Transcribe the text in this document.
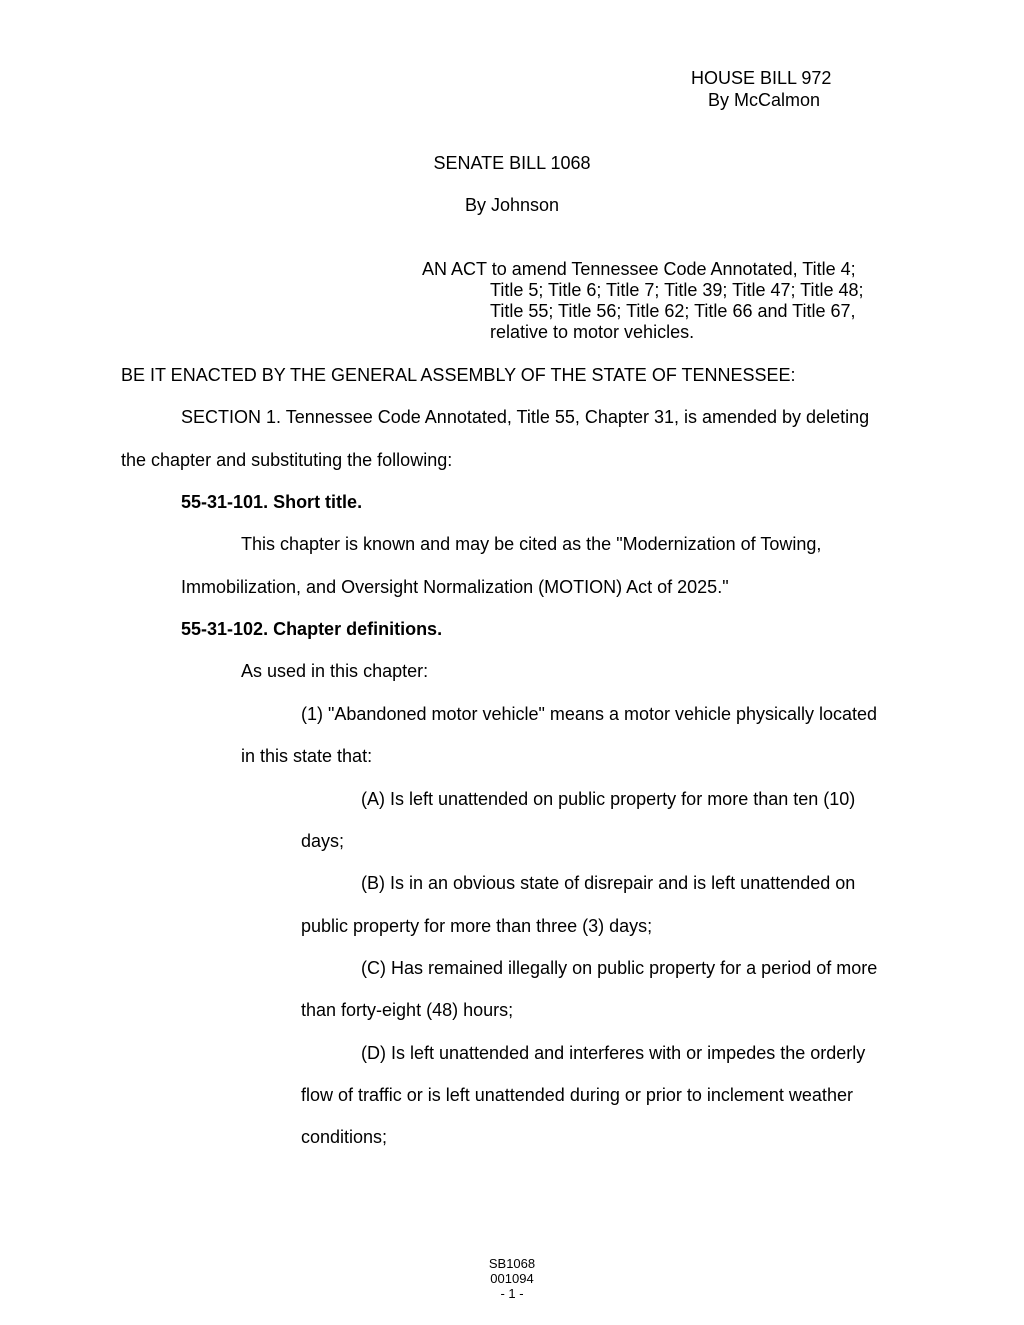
HOUSE BILL 972
By McCalmon
SENATE BILL 1068
By Johnson
AN ACT to amend Tennessee Code Annotated, Title 4;
Title 5; Title 6; Title 7; Title 39; Title 47; Title 48;
Title 55; Title 56; Title 62; Title 66 and Title 67,
relative to motor vehicles.
BE IT ENACTED BY THE GENERAL ASSEMBLY OF THE STATE OF TENNESSEE:
SECTION 1. Tennessee Code Annotated, Title 55, Chapter 31, is amended by deleting
the chapter and substituting the following:
55-31-101. Short title.
This chapter is known and may be cited as the "Modernization of Towing,
Immobilization, and Oversight Normalization (MOTION) Act of 2025."
55-31-102. Chapter definitions.
As used in this chapter:
(1) "Abandoned motor vehicle" means a motor vehicle physically located
in this state that:
(A) Is left unattended on public property for more than ten (10)
days;
(B) Is in an obvious state of disrepair and is left unattended on
public property for more than three (3) days;
(C) Has remained illegally on public property for a period of more
than forty-eight (48) hours;
(D) Is left unattended and interferes with or impedes the orderly
flow of traffic or is left unattended during or prior to inclement weather
conditions;
SB1068
001094
- 1 -
